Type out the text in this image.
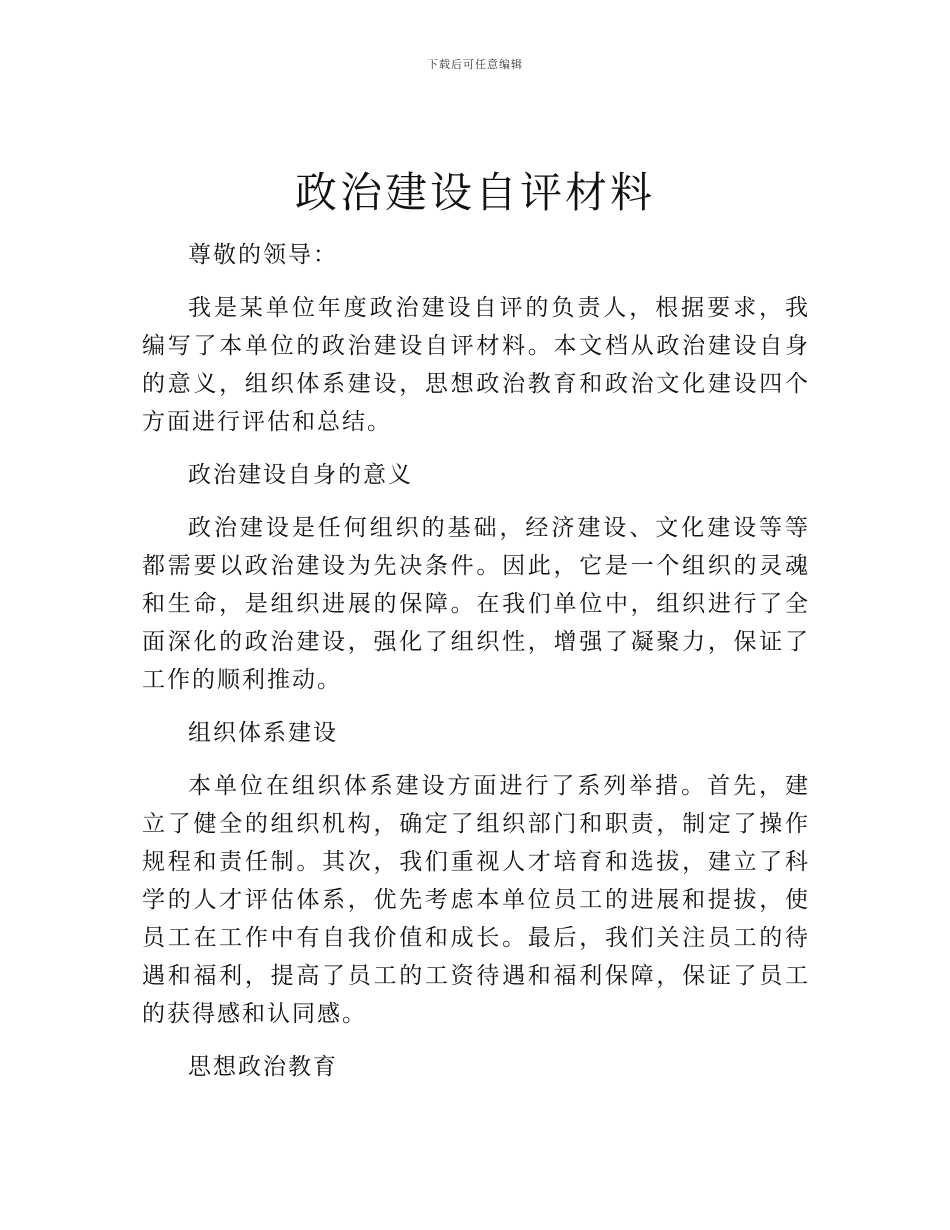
下载后可任意编辑
政治建设自评材料

尊敬的领导：

我是某单位年度政治建设自评的负责人，根据要求，我编写了本单位的政治建设自评材料。本文档从政治建设自身的意义，组织体系建设，思想政治教育和政治文化建设四个方面进行评估和总结。

政治建设自身的意义

政治建设是任何组织的基础，经济建设、文化建设等等都需要以政治建设为先决条件。因此，它是一个组织的灵魂和生命，是组织进展的保障。在我们单位中，组织进行了全面深化的政治建设，强化了组织性，增强了凝聚力，保证了工作的顺利推动。

组织体系建设

本单位在组织体系建设方面进行了系列举措。首先，建立了健全的组织机构，确定了组织部门和职责，制定了操作规程和责任制。其次，我们重视人才培育和选拔，建立了科学的人才评估体系，优先考虑本单位员工的进展和提拔，使员工在工作中有自我价值和成长。最后，我们关注员工的待遇和福利，提高了员工的工资待遇和福利保障，保证了员工的获得感和认同感。

思想政治教育
